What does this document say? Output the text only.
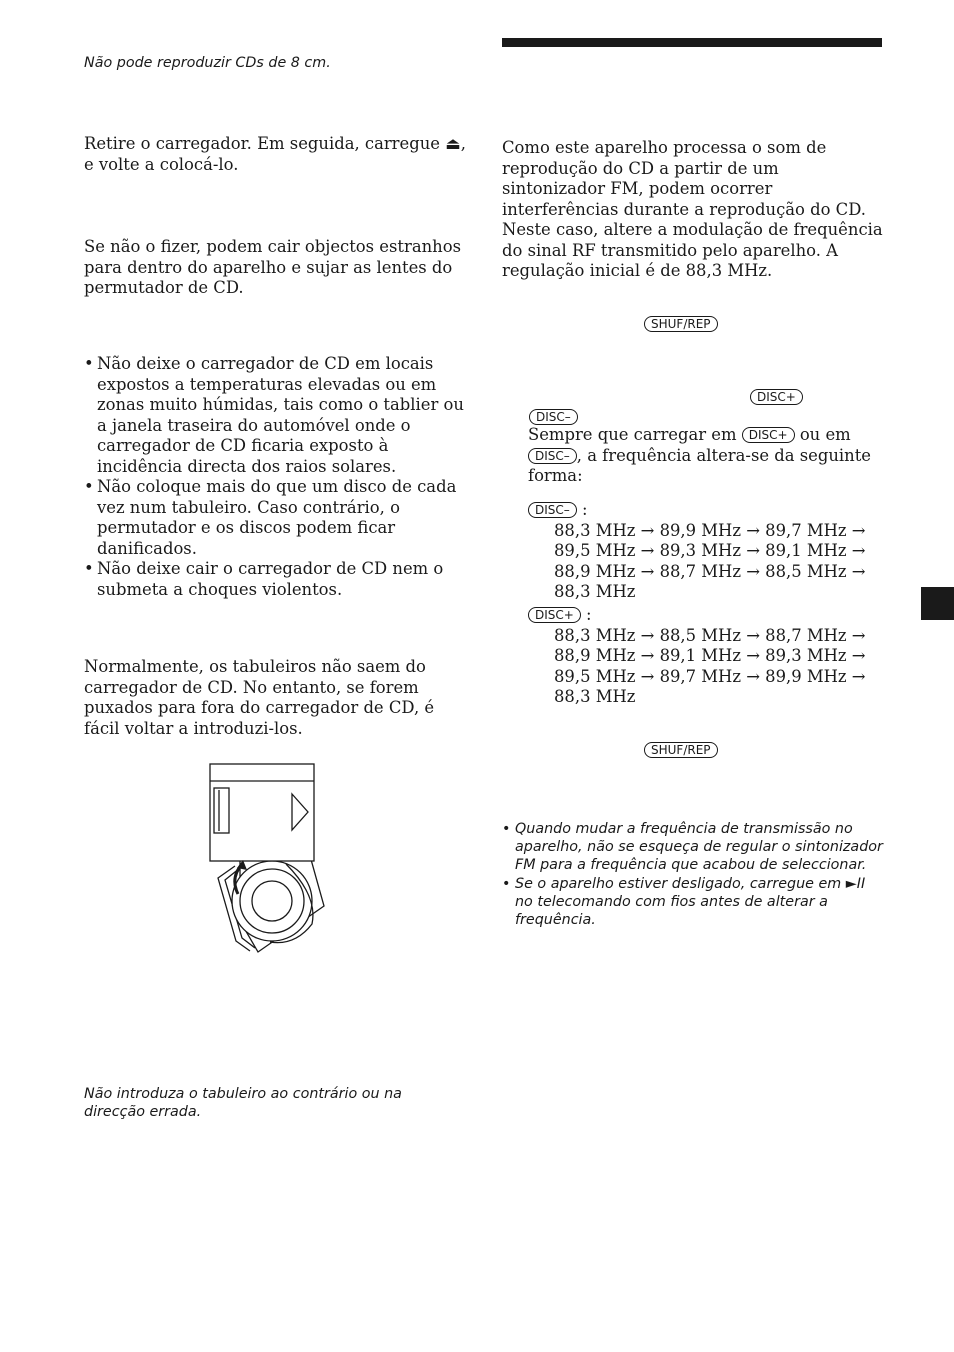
Não pode reproduzir CDs de 8 cm.
Retire o carregador. Em seguida, carregue ⏏, e volte a colocá-lo.
Se não o fizer, podem cair objectos estranhos para dentro do aparelho e sujar as lentes do permutador de CD.
• Não deixe o carregador de CD em locais expostos a temperaturas elevadas ou em zonas muito húmidas, tais como o tablier ou a janela traseira do automóvel onde o carregador de CD ficaria exposto à incidência directa dos raios solares.
• Não coloque mais do que um disco de cada vez num tabuleiro. Caso contrário, o permutador e os discos podem ficar danificados.
• Não deixe cair o carregador de CD nem o submeta a choques violentos.
Normalmente, os tabuleiros não saem do carregador de CD. No entanto, se forem puxados para fora do carregador de CD, é fácil voltar a introduzi-los.
Não introduza o tabuleiro ao contrário ou na direcção errada.
Como este aparelho processa o som de reprodução do CD a partir de um sintonizador FM, podem ocorrer interferências durante a reprodução do CD. Neste caso, altere a modulação de frequência do sinal RF transmitido pelo aparelho. A regulação inicial é de 88,3 MHz.
SHUF/REP
DISC+
DISC–
Sempre que carregar em DISC+ ou em
DISC– , a frequência altera-se da seguinte forma:
DISC– :
88,3 MHz → 89,9 MHz → 89,7 MHz →
89,5 MHz → 89,3 MHz → 89,1 MHz →
88,9 MHz → 88,7 MHz → 88,5 MHz →
88,3 MHz
DISC+ :
88,3 MHz → 88,5 MHz → 88,7 MHz →
88,9 MHz → 89,1 MHz → 89,3 MHz →
89,5 MHz → 89,7 MHz → 89,9 MHz →
88,3 MHz
SHUF/REP
• Quando mudar a frequência de transmissão no aparelho, não se esqueça de regular o sintonizador FM para a frequência que acabou de seleccionar.
• Se o aparelho estiver desligado, carregue em ►II no telecomando com fios antes de alterar a frequência.
